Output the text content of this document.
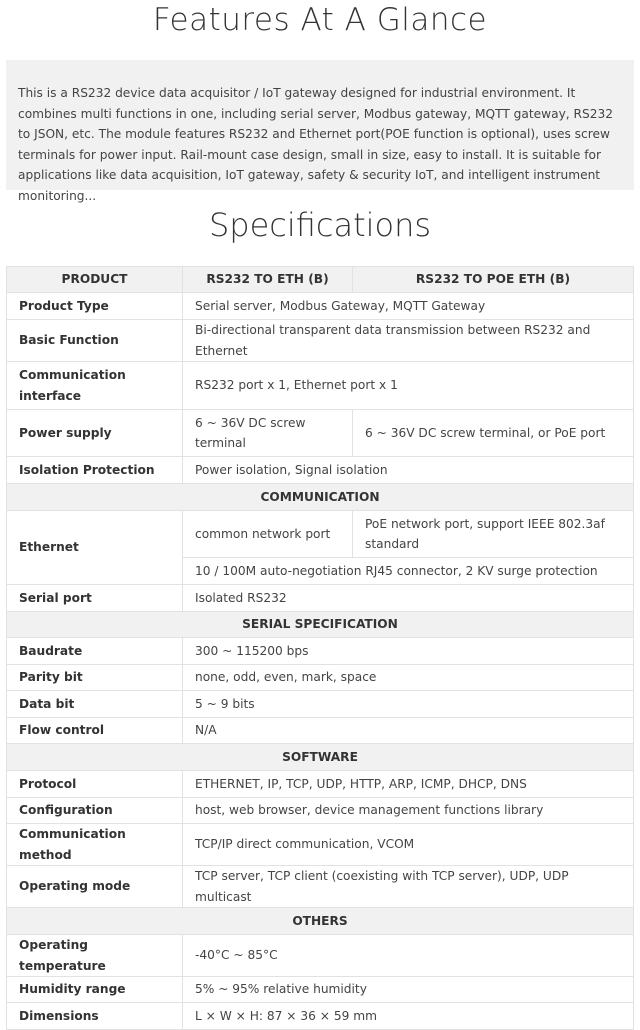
Features At A Glance
This is a RS232 device data acquisitor / IoT gateway designed for industrial environment. It combines multi functions in one, including serial server, Modbus gateway, MQTT gateway, RS232 to JSON, etc. The module features RS232 and Ethernet port(POE function is optional), uses screw terminals for power input. Rail-mount case design, small in size, easy to install. It is suitable for applications like data acquisition, IoT gateway, safety & security IoT, and intelligent instrument monitoring...
Specifications
PRODUCT	RS232 TO ETH (B)	RS232 TO POE ETH (B)
Product Type	Serial server, Modbus Gateway, MQTT Gateway	
Basic Function	Bi-directional transparent data transmission between RS232 and Ethernet	
Communication interface	RS232 port x 1, Ethernet port x 1	
Power supply	6 ~ 36V DC screw terminal	6 ~ 36V DC screw terminal, or PoE port
Isolation Protection	Power isolation, Signal isolation	
COMMUNICATION		
Ethernet	common network port	PoE network port, support IEEE 802.3af standard
	10 / 100M auto-negotiation RJ45 connector, 2 KV surge protection	
Serial port	Isolated RS232	
SERIAL SPECIFICATION		
Baudrate	300 ~ 115200 bps	
Parity bit	none, odd, even, mark, space	
Data bit	5 ~ 9 bits	
Flow control	N/A	
SOFTWARE		
Protocol	ETHERNET, IP, TCP, UDP, HTTP, ARP, ICMP, DHCP, DNS	
Configuration	host, web browser, device management functions library	
Communication method	TCP/IP direct communication, VCOM	
Operating mode	TCP server, TCP client (coexisting with TCP server), UDP, UDP multicast	
OTHERS		
Operating temperature	-40°C ~ 85°C	
Humidity range	5% ~ 95% relative humidity	
Dimensions	L × W × H: 87 × 36 × 59 mm	
